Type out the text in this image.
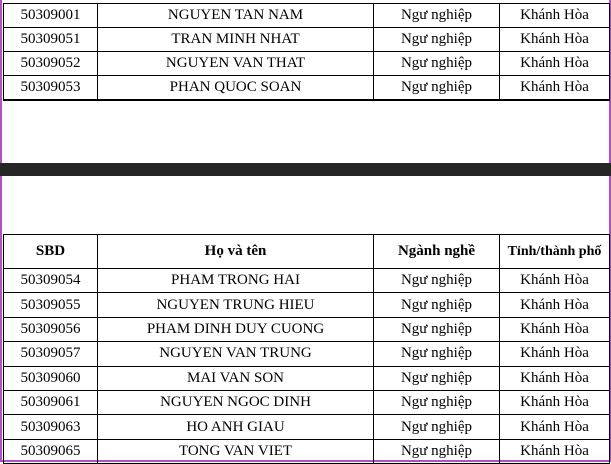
50309001	NGUYEN TAN NAM	Ngư nghiệp	Khánh Hòa
50309051	TRAN MINH NHAT	Ngư nghiệp	Khánh Hòa
50309052	NGUYEN VAN THAT	Ngư nghiệp	Khánh Hòa
50309053	PHAN QUOC SOAN	Ngư nghiệp	Khánh Hòa
SBD	Họ và tên	Ngành nghề	Tỉnh/thành phố
50309054	PHAM TRONG HAI	Ngư nghiệp	Khánh Hòa
50309055	NGUYEN TRUNG HIEU	Ngư nghiệp	Khánh Hòa
50309056	PHAM DINH DUY CUONG	Ngư nghiệp	Khánh Hòa
50309057	NGUYEN VAN TRUNG	Ngư nghiệp	Khánh Hòa
50309060	MAI VAN SON	Ngư nghiệp	Khánh Hòa
50309061	NGUYEN NGOC DINH	Ngư nghiệp	Khánh Hòa
50309063	HO ANH GIAU	Ngư nghiệp	Khánh Hòa
50309065	TONG VAN VIET	Ngư nghiệp	Khánh Hòa
